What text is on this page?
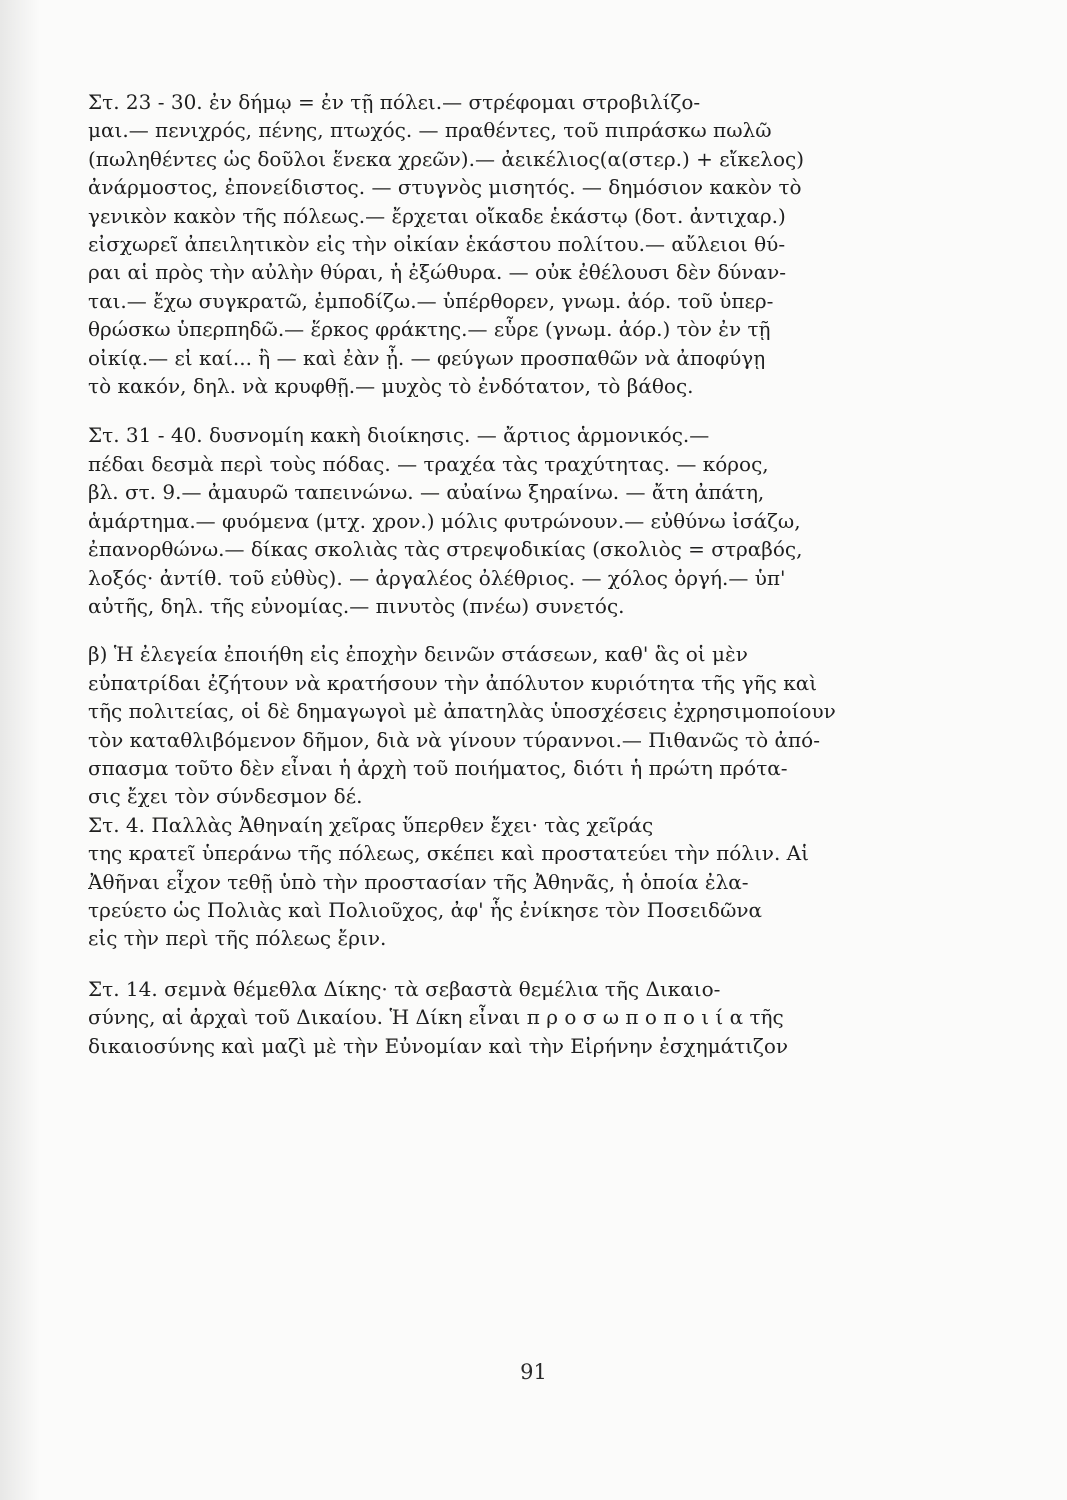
Στ. 23 - 30. ἐν δήμῳ = ἐν τῇ πόλει.— στρέφομαι στροβιλίζο-
μαι.— πενιχρός, πένης, πτωχός. — πραθέντες, τοῦ πιπράσκω πωλῶ
(πωληθέντες ὡς δοῦλοι ἕνεκα χρεῶν).— ἀεικέλιος(α(στερ.) + εἴκελος)
ἀνάρμοστος, ἐπονείδιστος. — στυγνὸς μισητός. — δημόσιον κακὸν τὸ
γενικὸν κακὸν τῆς πόλεως.— ἔρχεται οἴκαδε ἑκάστῳ (δοτ. ἀντιχαρ.)
εἰσχωρεῖ ἀπειλητικὸν εἰς τὴν οἰκίαν ἑκάστου πολίτου.— αὔλειοι θύ-
ραι αἱ πρὸς τὴν αὐλὴν θύραι, ἡ ἐξώθυρα. — οὐκ ἐθέλουσι δὲν δύναν-
ται.— ἔχω συγκρατῶ, ἐμποδίζω.— ὑπέρθορεν, γνωμ. ἀόρ. τοῦ ὑπερ-
θρώσκω ὑπερπηδῶ.— ἕρκος φράκτης.— εὗρε (γνωμ. ἀόρ.) τὸν ἐν τῇ
οἰκίᾳ.— εἰ καί... ἢ — καὶ ἐὰν ᾖ. — φεύγων προσπαθῶν νὰ ἀποφύγῃ
τὸ κακόν, δηλ. νὰ κρυφθῇ.— μυχὸς τὸ ἐνδότατον, τὸ βάθος.
Στ. 31 - 40. δυσνομίη κακὴ διοίκησις. — ἄρτιος ἁρμονικός.—
πέδαι δεσμὰ περὶ τοὺς πόδας. — τραχέα τὰς τραχύτητας. — κόρος,
βλ. στ. 9.— ἀμαυρῶ ταπεινώνω. — αὐαίνω ξηραίνω. — ἄτη ἀπάτη,
ἁμάρτημα.— φυόμενα (μτχ. χρον.) μόλις φυτρώνουν.— εὐθύνω ἰσάζω,
ἐπανορθώνω.— δίκας σκολιὰς τὰς στρεψοδικίας (σκολιὸς = στραβός,
λοξός· ἀντίθ. τοῦ εὐθὺς). — ἀργαλέος ὀλέθριος. — χόλος ὀργή.— ὑπ'
αὐτῆς, δηλ. τῆς εὐνομίας.— πινυτὸς (πνέω) συνετός.
β) Ἡ ἐλεγεία ἐποιήθη εἰς ἐποχὴν δεινῶν στάσεων, καθ' ἃς οἱ μὲν
εὐπατρίδαι ἐζήτουν νὰ κρατήσουν τὴν ἀπόλυτον κυριότητα τῆς γῆς καὶ
τῆς πολιτείας, οἱ δὲ δημαγωγοὶ μὲ ἀπατηλὰς ὑποσχέσεις ἐχρησιμοποίουν
τὸν καταθλιβόμενον δῆμον, διὰ νὰ γίνουν τύραννοι.— Πιθανῶς τὸ ἀπό-
σπασμα τοῦτο δὲν εἶναι ἡ ἀρχὴ τοῦ ποιήματος, διότι ἡ πρώτη πρότα-
σις ἔχει τὸν σύνδεσμον δέ.
Στ. 4. Παλλὰς Ἀθηναίη χεῖρας ὕπερθεν ἔχει· τὰς χεῖράς
της κρατεῖ ὑπεράνω τῆς πόλεως, σκέπει καὶ προστατεύει τὴν πόλιν. Αἱ
Ἀθῆναι εἶχον τεθῇ ὑπὸ τὴν προστασίαν τῆς Ἀθηνᾶς, ἡ ὁποία ἐλα-
τρεύετο ὡς Πολιὰς καὶ Πολιοῦχος, ἀφ' ἧς ἐνίκησε τὸν Ποσειδῶνα
εἰς τὴν περὶ τῆς πόλεως ἔριν.
Στ. 14. σεμνὰ θέμεθλα Δίκης· τὰ σεβαστὰ θεμέλια τῆς Δικαιο-
σύνης, αἱ ἀρχαὶ τοῦ Δικαίου. Ἡ Δίκη εἶναι π ρ ο σ ω π ο π ο ι ί α τῆς
δικαιοσύνης καὶ μαζὶ μὲ τὴν Εὐνομίαν καὶ τὴν Εἰρήνην ἐσχημάτιζον
91
